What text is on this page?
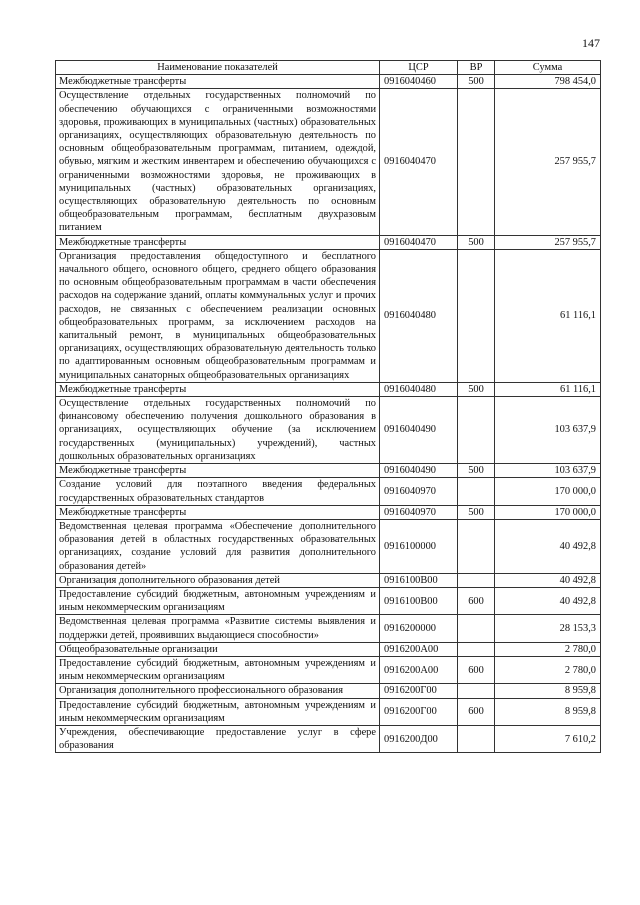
147
Наименование показателей	ЦСР	ВР	Сумма
Межбюджетные трансферты	0916040460	500	798 454,0
Осуществление отдельных государственных полномочий по обеспечению обучающихся с ограниченными возможностями здоровья, проживающих в муниципальных (частных) образовательных организациях, осуществляющих образовательную деятельность по основным общеобразовательным программам, питанием, одеждой, обувью, мягким и жестким инвентарем и обеспечению обучающихся с ограниченными возможностями здоровья, не проживающих в муниципальных (частных) образовательных организациях, осуществляющих образовательную деятельность по основным общеобразовательным программам, бесплатным двухразовым питанием	0916040470		257 955,7
Межбюджетные трансферты	0916040470	500	257 955,7
Организация предоставления общедоступного и бесплатного начального общего, основного общего, среднего общего образования по основным общеобразовательным программам в части обеспечения расходов на содержание зданий, оплаты коммунальных услуг и прочих расходов, не связанных с обеспечением реализации основных общеобразовательных программ, за исключением расходов на капитальный ремонт, в муниципальных общеобразовательных организациях, осуществляющих образовательную деятельность только по адаптированным основным общеобразовательным программам и муниципальных санаторных общеобразовательных организациях	0916040480		61 116,1
Межбюджетные трансферты	0916040480	500	61 116,1
Осуществление отдельных государственных полномочий по финансовому обеспечению получения дошкольного образования в организациях, осуществляющих обучение (за исключением государственных (муниципальных) учреждений), частных дошкольных образовательных организациях	0916040490		103 637,9
Межбюджетные трансферты	0916040490	500	103 637,9
Создание условий для поэтапного введения федеральных государственных образовательных стандартов	0916040970		170 000,0
Межбюджетные трансферты	0916040970	500	170 000,0
Ведомственная целевая программа «Обеспечение дополнительного образования детей в областных государственных образовательных организациях, создание условий для развития дополнительного образования детей»	0916100000		40 492,8
Организация дополнительного образования детей	0916100В00		40 492,8
Предоставление субсидий бюджетным, автономным учреждениям и иным некоммерческим организациям	0916100В00	600	40 492,8
Ведомственная целевая программа «Развитие системы выявления и поддержки детей, проявивших выдающиеся способности»	0916200000		28 153,3
Общеобразовательные организации	0916200А00		2 780,0
Предоставление субсидий бюджетным, автономным учреждениям и иным некоммерческим организациям	0916200А00	600	2 780,0
Организация дополнительного профессионального образования	0916200Г00		8 959,8
Предоставление субсидий бюджетным, автономным учреждениям и иным некоммерческим организациям	0916200Г00	600	8 959,8
Учреждения, обеспечивающие предоставление услуг в сфере образования	0916200Д00		7 610,2
